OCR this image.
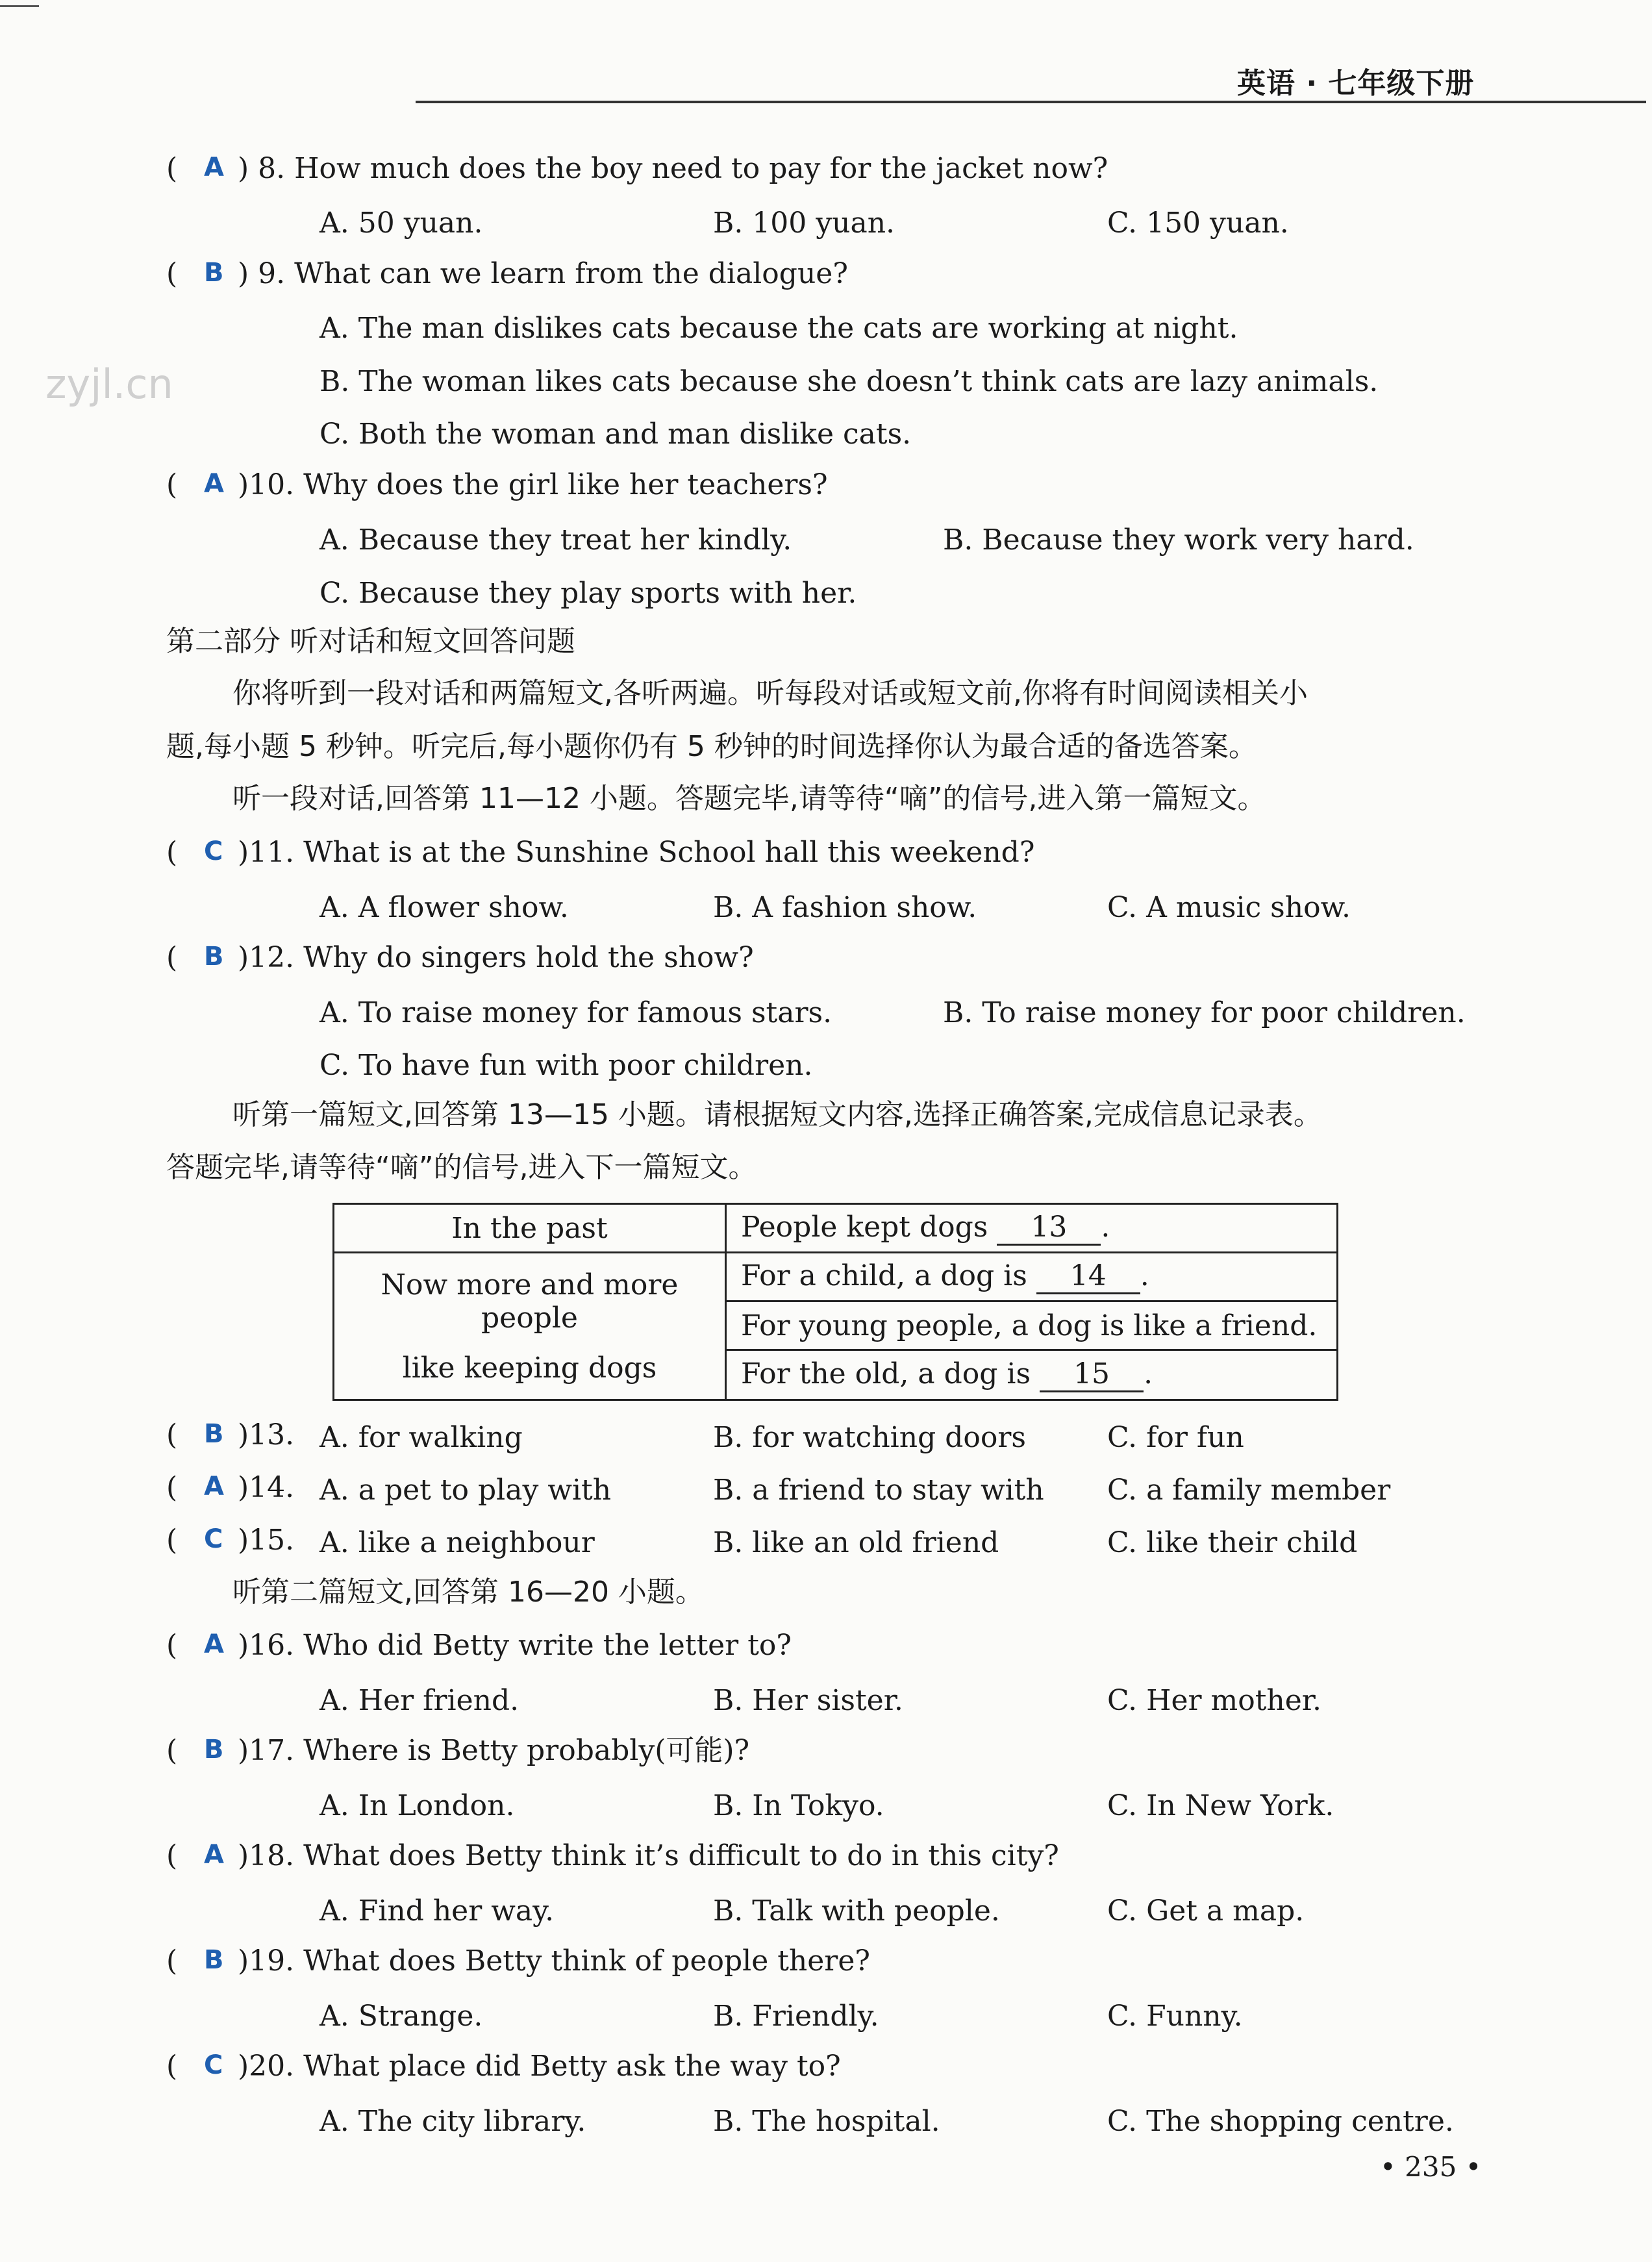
英语 · 七年级下册
zyjl.cn
( A ) 8. How much does the boy need to pay for the jacket now?
A. 50 yuan.	B. 100 yuan.	C. 150 yuan.
( B ) 9. What can we learn from the dialogue?
A. The man dislikes cats because the cats are working at night.
B. The woman likes cats because she doesn’t think cats are lazy animals.
C. Both the woman and man dislike cats.
( A )10. Why does the girl like her teachers?
A. Because they treat her kindly.	B. Because they work very hard.
C. Because they play sports with her.
第二部分 听对话和短文回答问题
你将听到一段对话和两篇短文,各听两遍。听每段对话或短文前,你将有时间阅读相关小
题,每小题 5 秒钟。听完后,每小题你仍有 5 秒钟的时间选择你认为最合适的备选答案。
听一段对话,回答第 11—12 小题。答题完毕,请等待“嘀”的信号,进入第一篇短文。
( C )11. What is at the Sunshine School hall this weekend?
A. A flower show.	B. A fashion show.	C. A music show.
( B )12. Why do singers hold the show?
A. To raise money for famous stars.	B. To raise money for poor children.
C. To have fun with poor children.
听第一篇短文,回答第 13—15 小题。请根据短文内容,选择正确答案,完成信息记录表。
答题完毕,请等待“嘀”的信号,进入下一篇短文。
In the past	People kept dogs 13 .

Now more and more people
like keeping dogs	For a child, a dog is 14 .
	For young people, a dog is like a friend.
	For the old, a dog is 15 .
( B )13. A. for walking	B. for watching doors	C. for fun
( A )14. A. a pet to play with	B. a friend to stay with C. a family member
( C )15. A. like a neighbour	B. like an old friend	C. like their child
听第二篇短文,回答第 16—20 小题。
( A )16. Who did Betty write the letter to?
A. Her friend.	B. Her sister.	C. Her mother.
( B )17. Where is Betty probably(可能)?
A. In London.	B. In Tokyo.	C. In New York.
( A )18. What does Betty think it’s difficult to do in this city?
A. Find her way.	B. Talk with people.	C. Get a map.
( B )19. What does Betty think of people there?
A. Strange.	B. Friendly.	C. Funny.
( C )20. What place did Betty ask the way to?
A. The city library.	B. The hospital.	C. The shopping centre.
• 235 •
